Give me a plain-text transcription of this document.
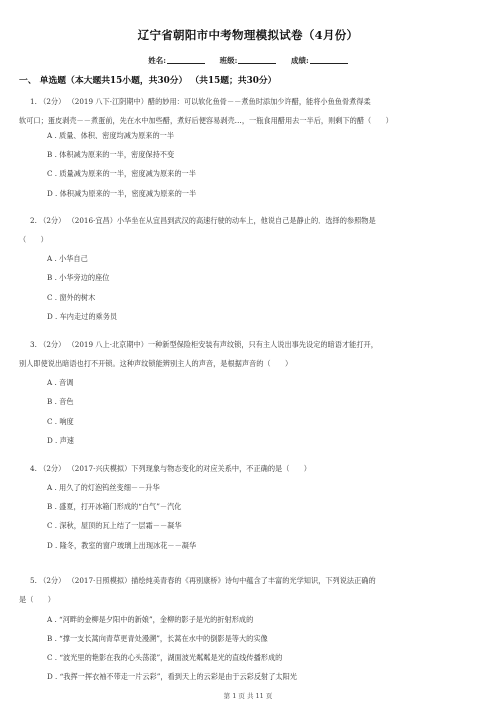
辽宁省朝阳市中考物理模拟试卷（4月份）
姓名:	班级:	成绩:
一、 单选题（本大题共15小题，共30分） （共15题；共30分）
1. （2分） （2019 八下·江阴期中）醋的妙用：可以软化鱼骨－－煮鱼时添加少许醋，能将小鱼鱼骨煮得柔
软可口；蛋皮剥壳－－煮蛋前，先在水中加些醋，煮好后便容易剥壳…，一瓶食用醋用去一半后，则剩下的醋（　　）
A . 质量、体积、密度均减为原来的一半
B . 体积减为原来的一半，密度保持不变
C . 质量减为原来的一半，密度减为原来的一半
D . 体积减为原来的一半，密度减为原来的一半
2. （2分） （2016·宜昌）小华坐在从宜昌到武汉的高速行驶的动车上，他说自己是静止的．选择的参照物是
（　　）
A . 小华自己
B . 小华旁边的座位
C . 窗外的树木
D . 车内走过的乘务员
3. （2分） （2019 八上·北京期中）一种新型保险柜安装有声纹锁，只有主人说出事先设定的暗语才能打开，
别人即使说出暗语也打不开锁。这种声纹锁能辨别主人的声音，是根据声音的（　　）
A . 音调
B . 音色
C . 响度
D . 声速
4. （2分） （2017·兴庆模拟）下列现象与物态变化的对应关系中，不正确的是（　　）
A . 用久了的灯泡钨丝变细－－升华
B . 盛夏，打开冰箱门形成的“白气”－汽化
C . 深秋，屋顶的瓦上结了一层霜－－凝华
D . 隆冬，教室的窗户玻璃上出现冰花－－凝华
5. （2分） （2017·日照模拟）描绘纯美青春的《再别康桥》诗句中蕴含了丰富的光学知识，下列说法正确的
是（　　）
A . “河畔的金柳是夕阳中的新娘”，金柳的影子是光的折射形成的
B . “撑一支长蒿向青草更青处漫溯”，长蒿在水中的倒影是等大的实像
C . “波光里的艳影在我的心头荡漾”，湖面波光粼粼是光的直线传播形成的
D . “我挥一挥衣袖不带走一片云彩”，看到天上的云彩是由于云彩反射了太阳光
第 1 页 共 11 页
